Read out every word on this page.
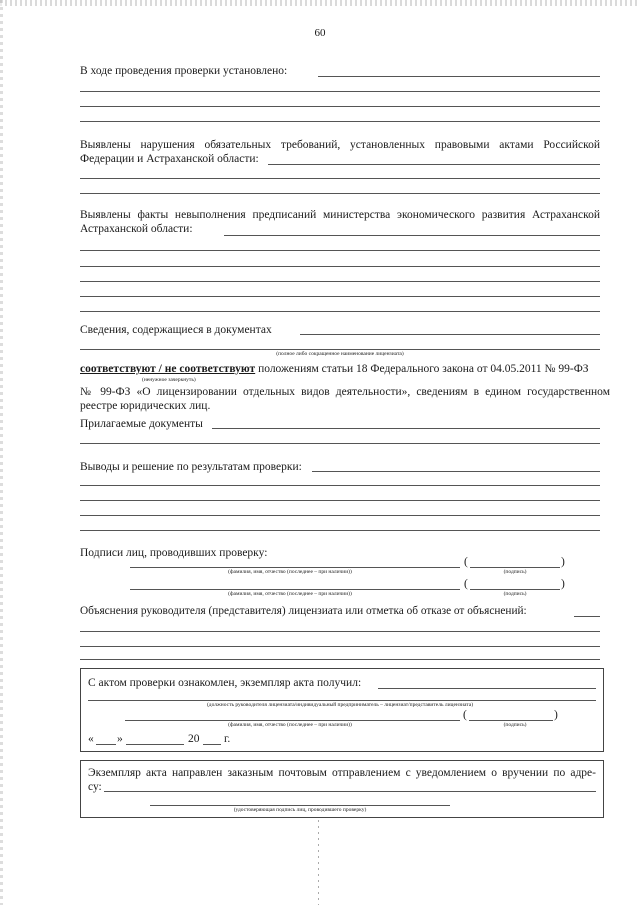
60
В ходе проведения проверки установлено:
Выявлены нарушения обязательных требований, установленных правовыми актами Российской
Федерации и Астраханской области:
Выявлены факты невыполнения предписаний министерства экономического развития Астраханской
Астраханской области:
Сведения, содержащиеся в документах
(полное либо сокращенное наименование лицензиата)
соответствуют / не соответствуют положениям статьи 18 Федерального закона от 04.05.2011 № 99-ФЗ
(ненужное зачеркнуть)
№ 99-ФЗ «О лицензировании отдельных видов деятельности», сведениям в едином государственном
реестре юридических лиц.
Прилагаемые документы
Выводы и решение по результатам проверки:
Подписи лиц, проводивших проверку:
(	)
(фамилия, имя, отчество (последнее – при наличии))	(подпись)
(	)
(фамилия, имя, отчество (последнее – при наличии))	(подпись)
Объяснения руководителя (представителя) лицензиата или отметка об отказе от объяснений:
С актом проверки ознакомлен, экземпляр акта получил:
(должность руководителя лицензиата/индивидуальный предприниматель – лицензиат/представитель лицензиата)
(	)
(фамилия, имя, отчество (последнее – при наличии))	(подпись)
« »	20 г.
Экземпляр акта направлен заказным почтовым отправлением с уведомлением о вручении по адре-
су:
(удостоверяющая подпись лиц, проводившего проверку)
